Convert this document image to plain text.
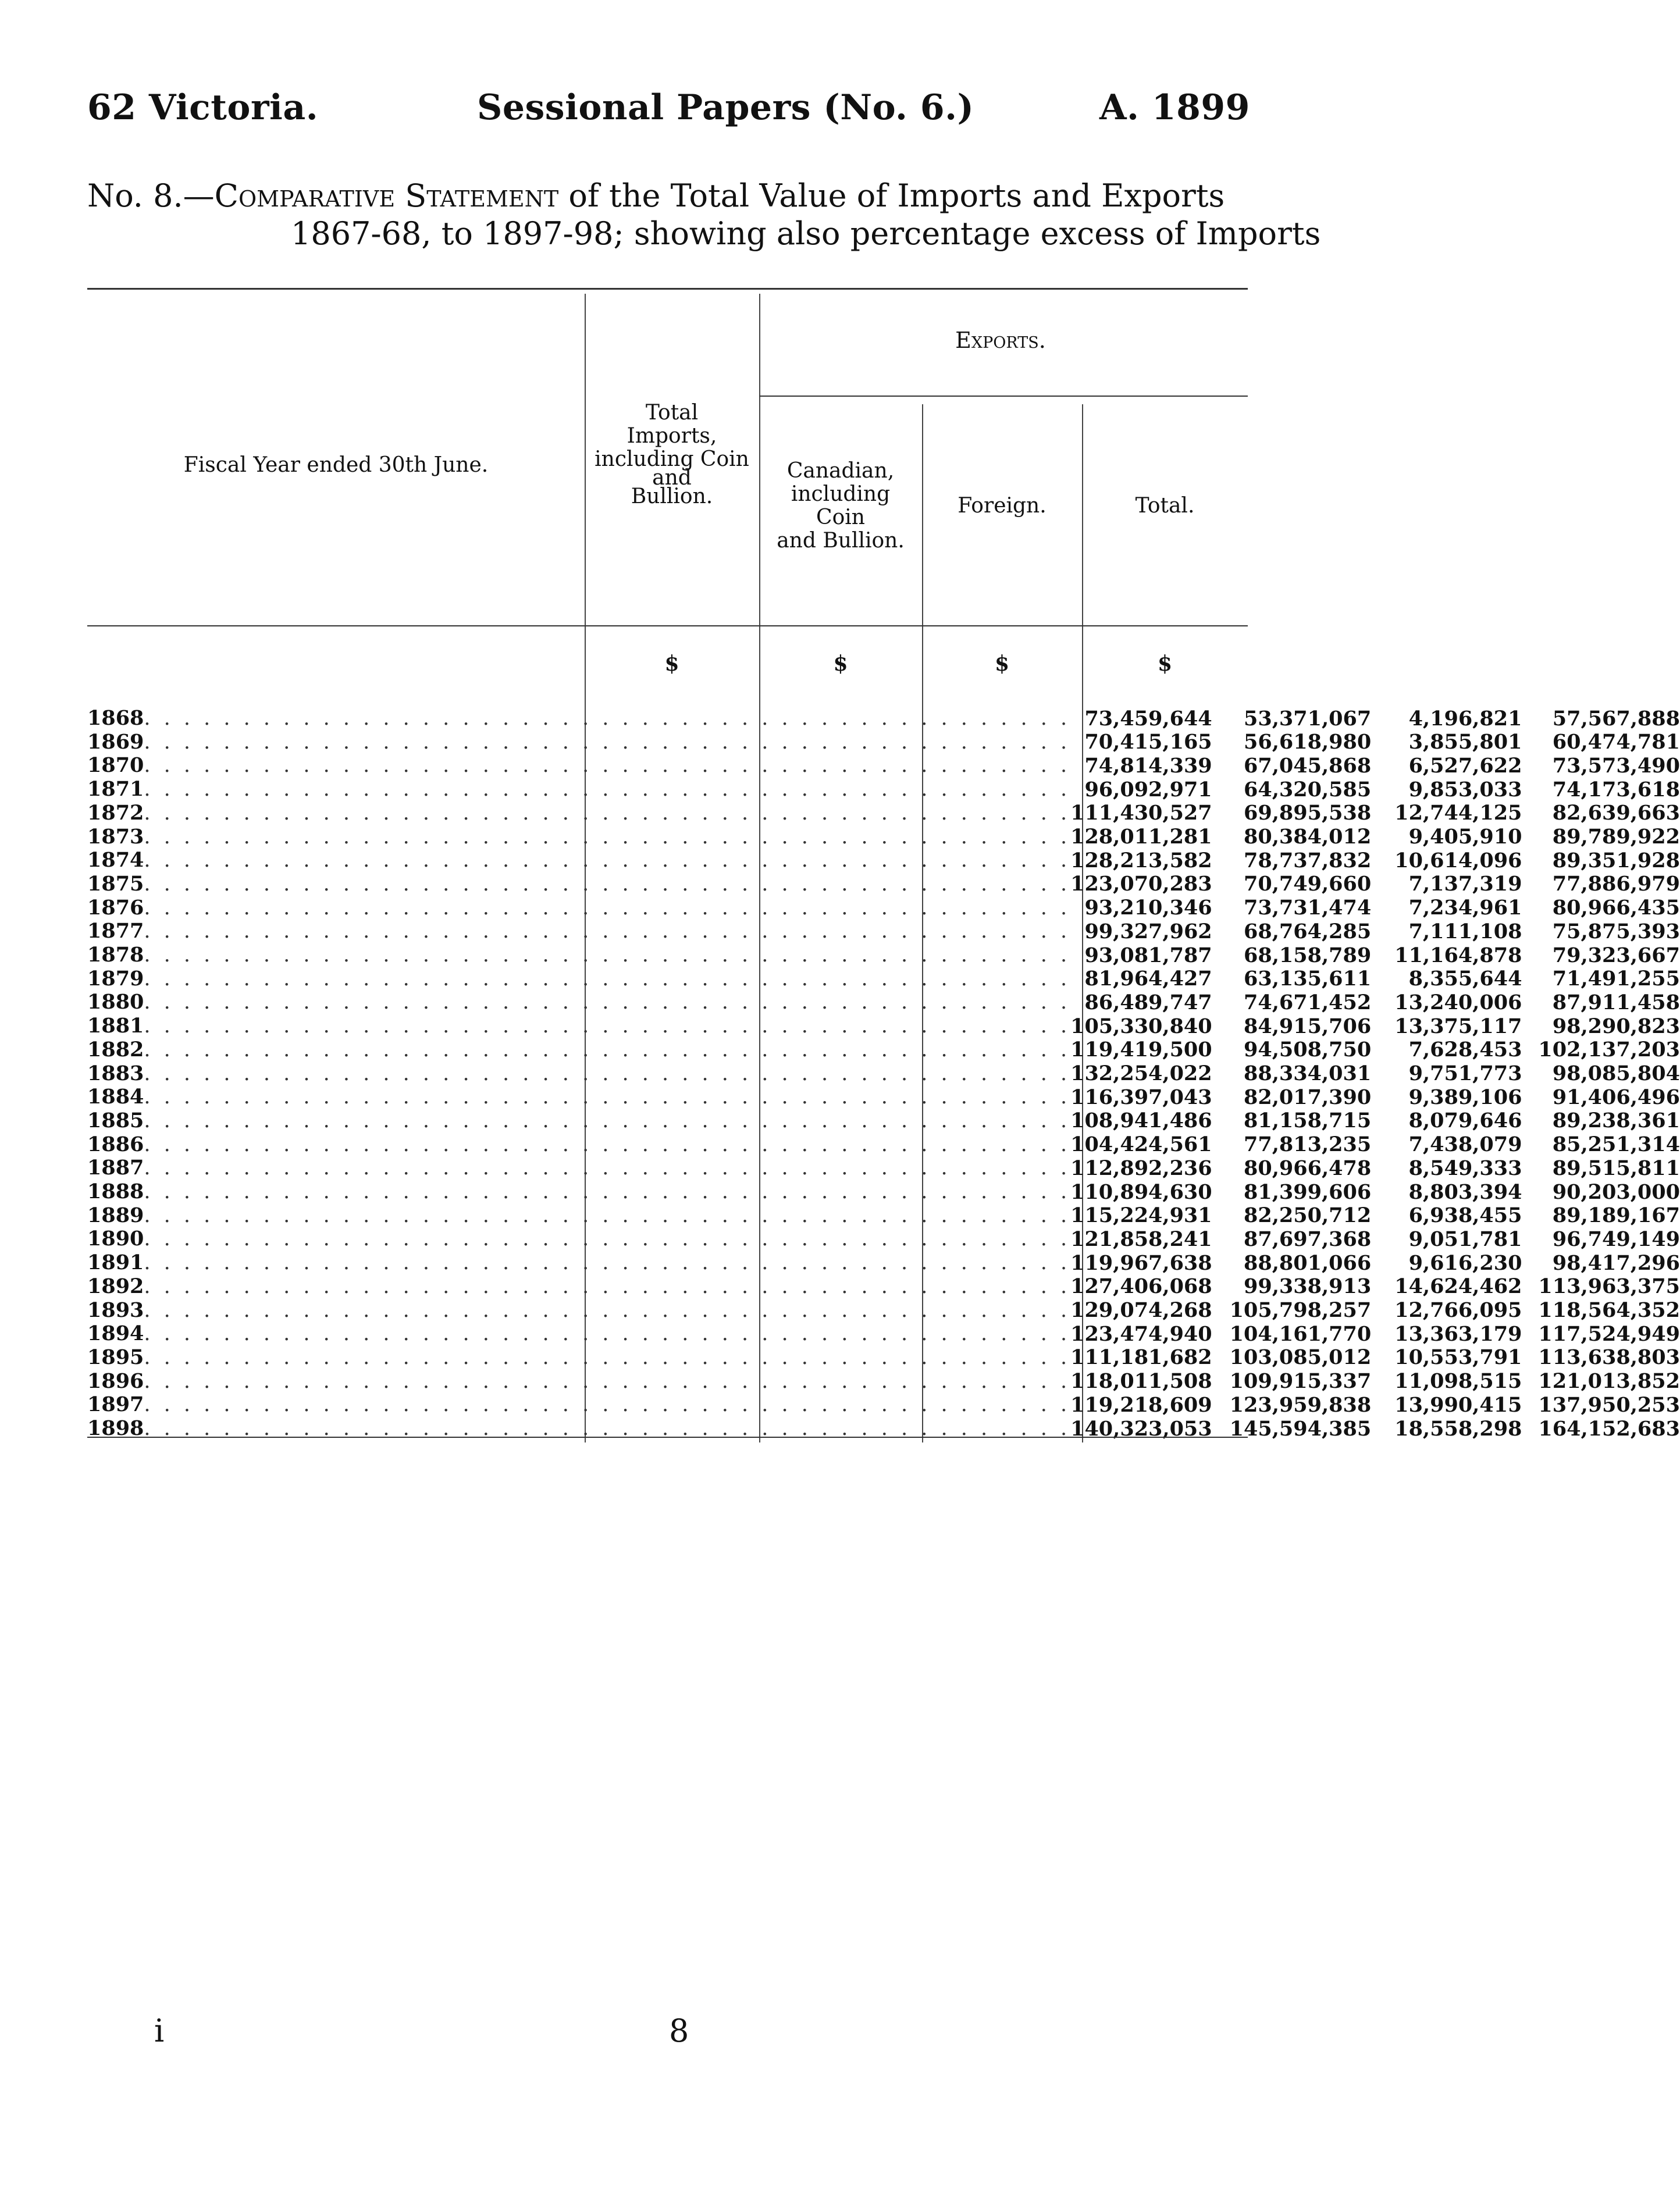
62 Victoria.	Sessional Papers (No. 6.)	A. 1899
No. 8.—Comparative Statement of the Total Value of Imports and Exports
1867-68, to 1897-98; showing also percentage excess of Imports
Exports.
Fiscal Year ended 30th June.
Total
Imports,
including Coin
and
Bullion.
Canadian,
including
Coin
and Bullion.
Foreign.	Total.
$	$	$	$
1868. . . . . . . . . . . . . . . . . . . . . . . . . . . . . . . . . . . . . . . . . . . . . . .	73,459,644	53,371,067	4,196,821	57,567,888
1869. . . . . . . . . . . . . . . . . . . . . . . . . . . . . . . . . . . . . . . . . . . . . . .	70,415,165	56,618,980	3,855,801	60,474,781
1870. . . . . . . . . . . . . . . . . . . . . . . . . . . . . . . . . . . . . . . . . . . . . . .	74,814,339	67,045,868	6,527,622	73,573,490
1871. . . . . . . . . . . . . . . . . . . . . . . . . . . . . . . . . . . . . . . . . . . . . . .	96,092,971	64,320,585	9,853,033	74,173,618
1872. . . . . . . . . . . . . . . . . . . . . . . . . . . . . . . . . . . . . . . . . . . . . . .	111,430,527	69,895,538	12,744,125	82,639,663
1873. . . . . . . . . . . . . . . . . . . . . . . . . . . . . . . . . . . . . . . . . . . . . . .	128,011,281	80,384,012	9,405,910	89,789,922
1874. . . . . . . . . . . . . . . . . . . . . . . . . . . . . . . . . . . . . . . . . . . . . . .	128,213,582	78,737,832	10,614,096	89,351,928
1875. . . . . . . . . . . . . . . . . . . . . . . . . . . . . . . . . . . . . . . . . . . . . . .	123,070,283	70,749,660	7,137,319	77,886,979
1876. . . . . . . . . . . . . . . . . . . . . . . . . . . . . . . . . . . . . . . . . . . . . . .	93,210,346	73,731,474	7,234,961	80,966,435
1877. . . . . . . . . . . . . . . . . . . . . . . . . . . . . . . . . . . . . . . . . . . . . . .	99,327,962	68,764,285	7,111,108	75,875,393
1878. . . . . . . . . . . . . . . . . . . . . . . . . . . . . . . . . . . . . . . . . . . . . . .	93,081,787	68,158,789	11,164,878	79,323,667
1879. . . . . . . . . . . . . . . . . . . . . . . . . . . . . . . . . . . . . . . . . . . . . . .	81,964,427	63,135,611	8,355,644	71,491,255
1880. . . . . . . . . . . . . . . . . . . . . . . . . . . . . . . . . . . . . . . . . . . . . . .	86,489,747	74,671,452	13,240,006	87,911,458
1881. . . . . . . . . . . . . . . . . . . . . . . . . . . . . . . . . . . . . . . . . . . . . . .	105,330,840	84,915,706	13,375,117	98,290,823
1882. . . . . . . . . . . . . . . . . . . . . . . . . . . . . . . . . . . . . . . . . . . . . . .	119,419,500	94,508,750	7,628,453	102,137,203
1883. . . . . . . . . . . . . . . . . . . . . . . . . . . . . . . . . . . . . . . . . . . . . . .	132,254,022	88,334,031	9,751,773	98,085,804
1884. . . . . . . . . . . . . . . . . . . . . . . . . . . . . . . . . . . . . . . . . . . . . . .	116,397,043	82,017,390	9,389,106	91,406,496
1885. . . . . . . . . . . . . . . . . . . . . . . . . . . . . . . . . . . . . . . . . . . . . . .	108,941,486	81,158,715	8,079,646	89,238,361
1886. . . . . . . . . . . . . . . . . . . . . . . . . . . . . . . . . . . . . . . . . . . . . . .	104,424,561	77,813,235	7,438,079	85,251,314
1887. . . . . . . . . . . . . . . . . . . . . . . . . . . . . . . . . . . . . . . . . . . . . . .	112,892,236	80,966,478	8,549,333	89,515,811
1888. . . . . . . . . . . . . . . . . . . . . . . . . . . . . . . . . . . . . . . . . . . . . . .	110,894,630	81,399,606	8,803,394	90,203,000
1889. . . . . . . . . . . . . . . . . . . . . . . . . . . . . . . . . . . . . . . . . . . . . . .	115,224,931	82,250,712	6,938,455	89,189,167
1890. . . . . . . . . . . . . . . . . . . . . . . . . . . . . . . . . . . . . . . . . . . . . . .	121,858,241	87,697,368	9,051,781	96,749,149
1891. . . . . . . . . . . . . . . . . . . . . . . . . . . . . . . . . . . . . . . . . . . . . . .	119,967,638	88,801,066	9,616,230	98,417,296
1892. . . . . . . . . . . . . . . . . . . . . . . . . . . . . . . . . . . . . . . . . . . . . . .	127,406,068	99,338,913	14,624,462	113,963,375
1893. . . . . . . . . . . . . . . . . . . . . . . . . . . . . . . . . . . . . . . . . . . . . . .	129,074,268	105,798,257	12,766,095	118,564,352
1894. . . . . . . . . . . . . . . . . . . . . . . . . . . . . . . . . . . . . . . . . . . . . . .	123,474,940	104,161,770	13,363,179	117,524,949
1895. . . . . . . . . . . . . . . . . . . . . . . . . . . . . . . . . . . . . . . . . . . . . . .	111,181,682	103,085,012	10,553,791	113,638,803
1896. . . . . . . . . . . . . . . . . . . . . . . . . . . . . . . . . . . . . . . . . . . . . . .	118,011,508	109,915,337	11,098,515	121,013,852
1897. . . . . . . . . . . . . . . . . . . . . . . . . . . . . . . . . . . . . . . . . . . . . . .	119,218,609	123,959,838	13,990,415	137,950,253
1898. . . . . . . . . . . . . . . . . . . . . . . . . . . . . . . . . . . . . . . . . . . . . . .	140,323,053	145,594,385	18,558,298	164,152,683
i	8
